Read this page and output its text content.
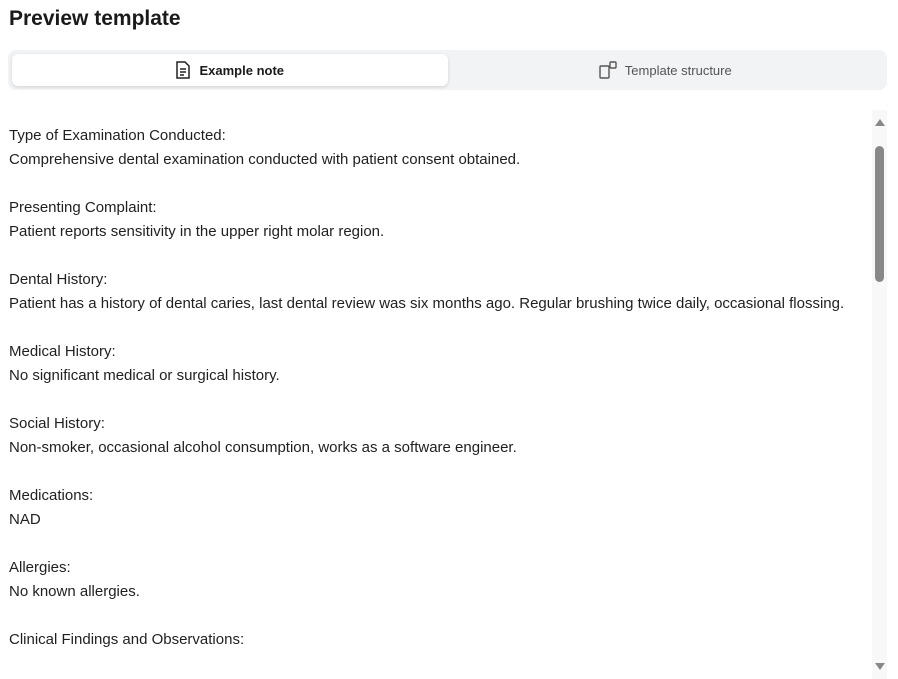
Preview template
Example note	Template structure
Type of Examination Conducted:
Comprehensive dental examination conducted with patient consent obtained.
Presenting Complaint:
Patient reports sensitivity in the upper right molar region.
Dental History:
Patient has a history of dental caries, last dental review was six months ago. Regular brushing twice daily, occasional flossing.
Medical History:
No significant medical or surgical history.
Social History:
Non-smoker, occasional alcohol consumption, works as a software engineer.
Medications:
NAD
Allergies:
No known allergies.
Clinical Findings and Observations:
